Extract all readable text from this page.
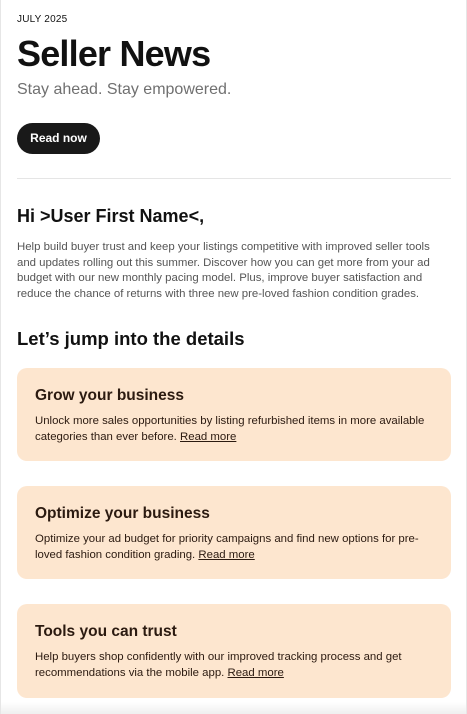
JULY 2025
Seller News
Stay ahead. Stay empowered.
Read now
Hi >User First Name<,

Help build buyer trust and keep your listings competitive with improved seller tools and updates rolling out this summer. Discover how you can get more from your ad budget with our new monthly pacing model. Plus, improve buyer satisfaction and reduce the chance of returns with three new pre-loved fashion condition grades.

Let’s jump into the details
Grow your business

Unlock more sales opportunities by listing refurbished items in more available categories than ever before. Read more

Optimize your business

Optimize your ad budget for priority campaigns and find new options for pre-loved fashion condition grading. Read more

Tools you can trust

Help buyers shop confidently with our improved tracking process and get recommendations via the mobile app. Read more
